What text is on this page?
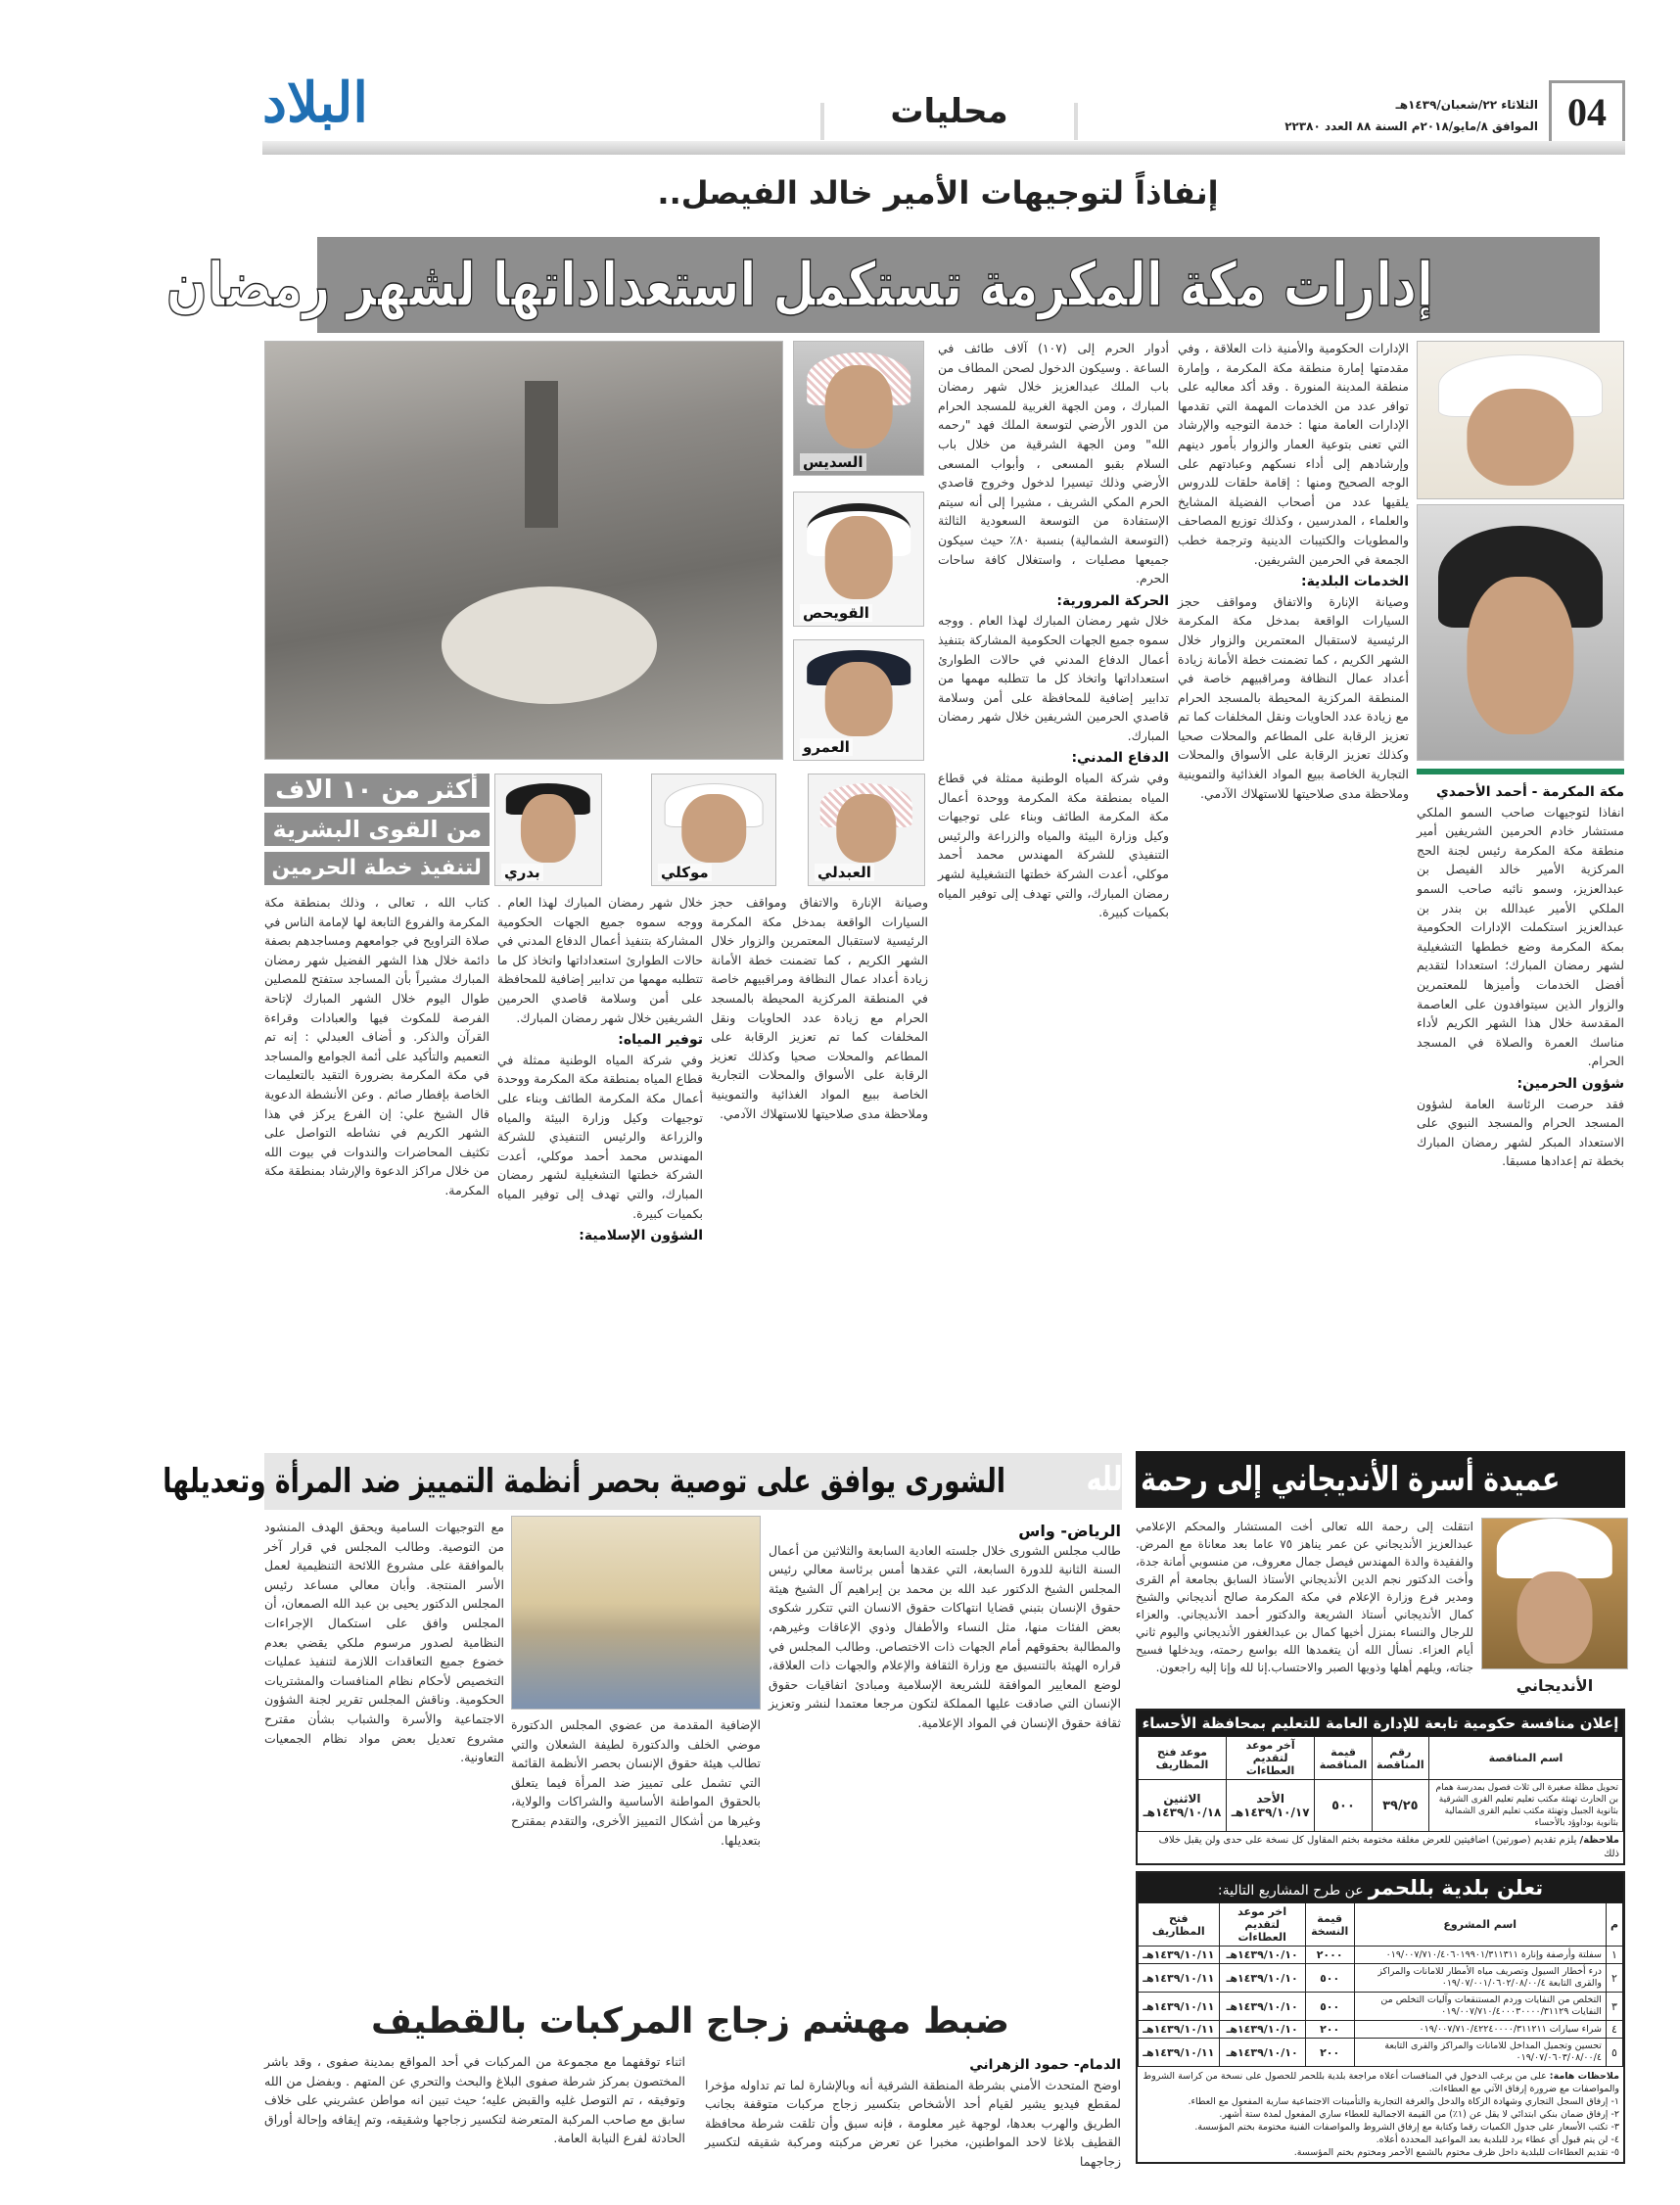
04
الثلاثاء ٢٢/شعبان/١٤٣٩هـ
الموافق ٨/مايو/٢٠١٨م السنة ٨٨ العدد ٢٢٣٨٠
محليات
البلاد
إنفاذاً لتوجيهات الأمير خالد الفيصل..
إدارات مكة المكرمة تستكمل استعداداتها لشهر رمضان
مكة المكرمة - أحمد الأحمدي

انفاذا لتوجيهات صاحب السمو الملكي مستشار خادم الحرمين الشريفين أمير منطقة مكة المكرمة رئيس لجنة الحج المركزية الأمير خالد الفيصل بن عبدالعزيز، وسمو نائبه صاحب السمو الملكي الأمير عبدالله بن بندر بن عبدالعزيز استكملت الإدارات الحكومية بمكة المكرمة وضع خططها التشغيلية لشهر رمضان المبارك؛ استعدادا لتقديم أفضل الخدمات وأميزها للمعتمرين والزوار الذين سيتوافدون على العاصمة المقدسة خلال هذا الشهر الكريم لأداء مناسك العمرة والصلاة في المسجد الحرام.

شؤون الحرمين:

فقد حرصت الرئاسة العامة لشؤون المسجد الحرام والمسجد النبوي على الاستعداد المبكر لشهر رمضان المبارك بخطة تم إعدادها مسبقا.

الإدارات الحكومية والأمنية ذات العلاقة ، وفي مقدمتها إمارة منطقة مكة المكرمة ، وإمارة منطقة المدينة المنورة . وقد أكد معاليه على توافر عدد من الخدمات المهمة التي تقدمها الإدارات العامة منها : خدمة التوجيه والإرشاد التي تعنى بتوعية العمار والزوار بأمور دينهم وإرشادهم إلى أداء نسكهم وعبادتهم على الوجه الصحيح ومنها : إقامة حلقات للدروس يلقيها عدد من أصحاب الفضيلة المشايخ والعلماء ، المدرسين ، وكذلك توزيع المصاحف والمطويات والكتيبات الدينية وترجمة خطب الجمعة في الحرمين الشريفين.

الخدمات البلدية:

وصيانة الإنارة والاتفاق ومواقف حجز السيارات الواقعة بمدخل مكة المكرمة الرئيسية لاستقبال المعتمرين والزوار خلال الشهر الكريم ، كما تضمنت خطة الأمانة زيادة أعداد عمال النظافة ومراقبيهم خاصة في المنطقة المركزية المحيطة بالمسجد الحرام مع زيادة عدد الحاويات ونقل المخلفات كما تم تعزيز الرقابة على المطاعم والمحلات صحيا وكذلك تعزيز الرقابة على الأسواق والمحلات التجارية الخاصة ببيع المواد الغذائية والتموينية وملاحظة مدى صلاحيتها للاستهلاك الآدمي.

أدوار الحرم إلى (١٠٧) آلاف طائف في الساعة . وسيكون الدخول لصحن المطاف من باب الملك عبدالعزيز خلال شهر رمضان المبارك ، ومن الجهة الغربية للمسجد الحرام من الدور الأرضي لتوسعة الملك فهد "رحمه الله" ومن الجهة الشرقية من خلال باب السلام بقبو المسعى ، وأبواب المسعى الأرضي وذلك تيسيرا لدخول وخروج قاصدي الحرم المكي الشريف ، مشيرا إلى أنه سيتم الإستفادة من التوسعة السعودية الثالثة (التوسعة الشمالية) بنسبة ٨٠٪ حيث سيكون جميعها مصليات ، واستغلال كافة ساحات الحرم.

الحركة المرورية:

خلال شهر رمضان المبارك لهذا العام . ووجه سموه جميع الجهات الحكومية المشاركة بتنفيذ أعمال الدفاع المدني في حالات الطوارئ استعداداتها واتخاذ كل ما تتطلبه مهمها من تدابير إضافية للمحافظة على أمن وسلامة قاصدي الحرمين الشريفين خلال شهر رمضان المبارك.

الدفاع المدني:

وفي شركة المياه الوطنية ممثلة في قطاع المياه بمنطقة مكة المكرمة ووحدة أعمال مكة المكرمة الطائف وبناء على توجيهات وكيل وزارة البيئة والمياه والزراعة والرئيس التنفيذي للشركة المهندس محمد أحمد موكلي، أعدت الشركة خطتها التشغيلية لشهر رمضان المبارك، والتي تهدف إلى توفير المياه بكميات كبيرة.

السديس
القويحص
العمرو
أكثر من ١٠ الاف
من القوى البشرية
لتنفيذ خطة الحرمين	بدري	موكلي	العبدلي

كتاب الله ، تعالى ، وذلك بمنطقة مكة المكرمة والفروع التابعة لها لإمامة الناس في صلاة التراويح في جوامعهم ومساجدهم بصفة دائمة خلال هذا الشهر الفضيل شهر رمضان المبارك مشيراً بأن المساجد ستفتح للمصلين طوال اليوم خلال الشهر المبارك لإتاحة الفرصة للمكوث فيها والعبادات وقراءة القرآن والذكر. و أضاف العبدلي : إنه تم التعميم والتأكيد على أئمة الجوامع والمساجد في مكة المكرمة بضرورة التقيد بالتعليمات الخاصة بإفطار صائم . وعن الأنشطة الدعوية قال الشيخ علي: إن الفرع يركز في هذا الشهر الكريم في نشاطه التواصل على تكثيف المحاضرات والندوات في بيوت الله من خلال مراكز الدعوة والإرشاد بمنطقة مكة المكرمة.

خلال شهر رمضان المبارك لهذا العام . ووجه سموه جميع الجهات الحكومية المشاركة بتنفيذ أعمال الدفاع المدني في حالات الطوارئ استعداداتها واتخاذ كل ما تتطلبه مهمها من تدابير إضافية للمحافظة على أمن وسلامة قاصدي الحرمين الشريفين خلال شهر رمضان المبارك.

توفير المياه:

وفي شركة المياه الوطنية ممثلة في قطاع المياه بمنطقة مكة المكرمة ووحدة أعمال مكة المكرمة الطائف وبناء على توجيهات وكيل وزارة البيئة والمياه والزراعة والرئيس التنفيذي للشركة المهندس محمد أحمد موكلي، أعدت الشركة خطتها التشغيلية لشهر رمضان المبارك، والتي تهدف إلى توفير المياه بكميات كبيرة.

الشؤون الإسلامية:

وصيانة الإنارة والاتفاق ومواقف حجز السيارات الواقعة بمدخل مكة المكرمة الرئيسية لاستقبال المعتمرين والزوار خلال الشهر الكريم ، كما تضمنت خطة الأمانة زيادة أعداد عمال النظافة ومراقبيهم خاصة في المنطقة المركزية المحيطة بالمسجد الحرام مع زيادة عدد الحاويات ونقل المخلفات كما تم تعزيز الرقابة على المطاعم والمحلات صحيا وكذلك تعزيز الرقابة على الأسواق والمحلات التجارية الخاصة ببيع المواد الغذائية والتموينية وملاحظة مدى صلاحيتها للاستهلاك الآدمي.

الشورى يوافق على توصية بحصر أنظمة التمييز ضد المرأة وتعديلها
الرياض- واس

طالب مجلس الشورى خلال جلسته العادية السابعة والثلاثين من أعمال السنة الثانية للدورة السابعة، التي عقدها أمس برئاسة معالي رئيس المجلس الشيخ الدكتور عبد الله بن محمد بن إبراهيم آل الشيخ هيئة حقوق الإنسان بتبني قضايا انتهاكات حقوق الانسان التي تتكرر شكوى بعض الفئات منها، مثل النساء والأطفال وذوي الإعاقات وغيرهم، والمطالبة بحقوقهم أمام الجهات ذات الاختصاص. وطالب المجلس في قراره الهيئة بالتنسيق مع وزارة الثقافة والإعلام والجهات ذات العلاقة، لوضع المعايير الموافقة للشريعة الإسلامية ومبادئ اتفاقيات حقوق الإنسان التي صادقت عليها المملكة لتكون مرجعا معتمدا لنشر وتعزيز ثقافة حقوق الإنسان في المواد الإعلامية.

الإضافية المقدمة من عضوي المجلس الدكتورة موضي الخلف والدكتورة لطيفة الشعلان والتي تطالب هيئة حقوق الإنسان بحصر الأنظمة القائمة التي تشمل على تمييز ضد المرأة فيما يتعلق بالحقوق المواطنة الأساسية والشراكات والولاية، وغيرها من أشكال التمييز الأخرى، والتقدم بمقترح بتعديلها.

مع التوجيهات السامية ويحقق الهدف المنشود من التوصية. وطالب المجلس في قرار آخر بالموافقة على مشروع اللائحة التنظيمية لعمل الأسر المنتجة. وأبان معالي مساعد رئيس المجلس الدكتور يحيى بن عبد الله الصمعان، أن المجلس وافق على استكمال الإجراءات النظامية لصدور مرسوم ملكي يقضي بعدم خضوع جميع التعاقدات اللازمة لتنفيذ عمليات التخصيص لأحكام نظام المنافسات والمشتريات الحكومية. وناقش المجلس تقرير لجنة الشؤون الاجتماعية والأسرة والشباب بشأن مقترح مشروع تعديل بعض مواد نظام الجمعيات التعاونية.

عميدة أسرة الأنديجاني إلى رحمة الله
الأنديجاني

انتقلت إلى رحمة الله تعالى أخت المستشار والمحكم الإعلامي عبدالعزيز الأنديجاني عن عمر يناهز ٧٥ عاما بعد معاناة مع المرض. والفقيدة والدة المهندس فيصل جمال معروف، من منسوبي أمانة جدة، وأخت الدكتور نجم الدين الأنديجاني الأستاذ السابق بجامعة أم القرى ومدير فرع وزارة الإعلام في مكة المكرمة صالح أنديجاني والشيخ كمال الأنديجاني أستاذ الشريعة والدكتور أحمد الأنديجاني. والعزاء للرجال والنساء بمنزل أخيها كمال بن عبدالغفور الأنديجاني واليوم ثاني أيام العزاء. نسأل الله أن يتغمدها الله بواسع رحمته، ويدخلها فسيح جناته، ويلهم أهلها وذويها الصبر والاحتساب.إنا لله وإنا إليه راجعون.

إعلان منافسة حكومية تابعة للإدارة العامة للتعليم بمحافظة الأحساء
اسم المناقصة	رقم المناقصة	قيمة المناقصة	آخر موعد لتقديم العطاءات	موعد فتح المظاريف
تحويل مظلة صغيرة الى ثلاث فصول بمدرسة همام بن الحارث تهنئة مكتب تعليم تعليم القرى الشرقية بثانوية الجبيل وتهنئة مكتب تعليم القرى الشمالية بثانوية بوداوؤد بالأحساء	٣٩/٢٥	٥٠٠	الأحد ١٤٣٩/١٠/١٧هـ	الاثنين ١٤٣٩/١٠/١٨هـ
ملاحظة/ يلزم تقديم (صورتين) اضافيتين للعرض مغلقة مختومة بختم المقاول كل نسخة على حدى ولن يقبل خلاف ذلك
تعلن بلدية بللحمر عن طرح المشاريع التالية:
م	اسم المشروع	قيمة النسخة	اخر موعد لتقديم العطاءات	فتح المظاريف
١	سفلتة وأرصفة وإنارة ٠١٩/٠٠٧/٧١٠/٤٠٦٠١٩٩٠١/٣١١٣١١	٢٠٠٠	١٤٣٩/١٠/١٠هـ	١٤٣٩/١٠/١١هـ
٢	درء أخطار السيول وتصريف مياه الأمطار للامانات والمراكز والقرى التابعة ٠١٩/٠٧/٠٠١/٠٦٠٢/٠٨/٠٠/٤	٥٠٠	١٤٣٩/١٠/١٠هـ	١٤٣٩/١٠/١١هـ
٣	التخلص من النفايات وردم المستنقعات وآليات التخلص من النفايات ٠١٩/٠٠٧/٧١٠/٤٠٠٠٣٠٠٠٠/٣١١٢٩	٥٠٠	١٤٣٩/١٠/١٠هـ	١٤٣٩/١٠/١١هـ
٤	شراء سيارات ٠١٩/٠٠٧/٧١٠/٤٢٢٤٠٠٠٠/٣١١٢١١	٢٠٠	١٤٣٩/١٠/١٠هـ	١٤٣٩/١٠/١١هـ
٥	تحسين وتجميل المداخل للامانات والمراكز والقرى التابعة ٠١٩/٠٧/٠٦٠٣/٠٨/٠٠/٤	٢٠٠	١٤٣٩/١٠/١٠هـ	١٤٣٩/١٠/١١هـ
ملاحظات هامة: على من يرغب الدخول في المنافسات أعلاه مراجعة بلدية بللحمر للحصول على نسخة من كراسة الشروط والمواصفات مع ضرورة إرفاق الآتي مع العطاءات.
١- إرفاق السجل التجاري وشهادة الزكاة والدخل والغرفة التجارية والتأمينات الاجتماعية سارية المفعول مع العطاء.
٢- إرفاق ضمان بنكي ابتدائي لا يقل عن (١٪) من القيمة الاجمالية للعطاء ساري المفعول لمدة ستة أشهر.
٣- تكتب الأسعار على جدول الكميات رقما وكتابة مع إرفاق الشروط والمواصفات الفنية مختومة بختم المؤسسة.
٤- لن يتم قبول أي عطاء يرد للبلدية بعد المواعيد المحددة أعلاه.
٥- تقديم العطاءات للبلدية داخل ظرف مختوم بالشمع الأحمر ومختوم بختم المؤسسة.
ضبط مهشم زجاج المركبات بالقطيف
الدمام- حمود الزهراني

اوضح المتحدث الأمني بشرطة المنطقة الشرقية أنه وبالإشارة لما تم تداوله مؤخرا لمقطع فيديو يشير لقيام أحد الأشخاص بتكسير زجاج مركبات متوقفة بجانب الطريق والهرب بعدها، لوجهة غير معلومة ، فإنه سبق وأن تلقت شرطة محافظة القطيف بلاغا لاحد المواطنين، مخبرا عن تعرض مركبته ومركبة شقيقه لتكسير زجاجهما

اثناء توقفهما مع مجموعة من المركبات في أحد المواقع بمدينة صفوى ، وقد باشر المختصون بمركز شرطة صفوى البلاغ والبحث والتحري عن المتهم . وبفضل من الله وتوفيقه ، تم التوصل غليه والقبض عليه؛ حيث تبين انه مواطن عشريني على خلاف سابق مع صاحب المركبة المتعرضة لتكسير زجاجها وشقيقه، وتم إيقافه وإحالة أوراق الحادثة لفرع النيابة العامة.
